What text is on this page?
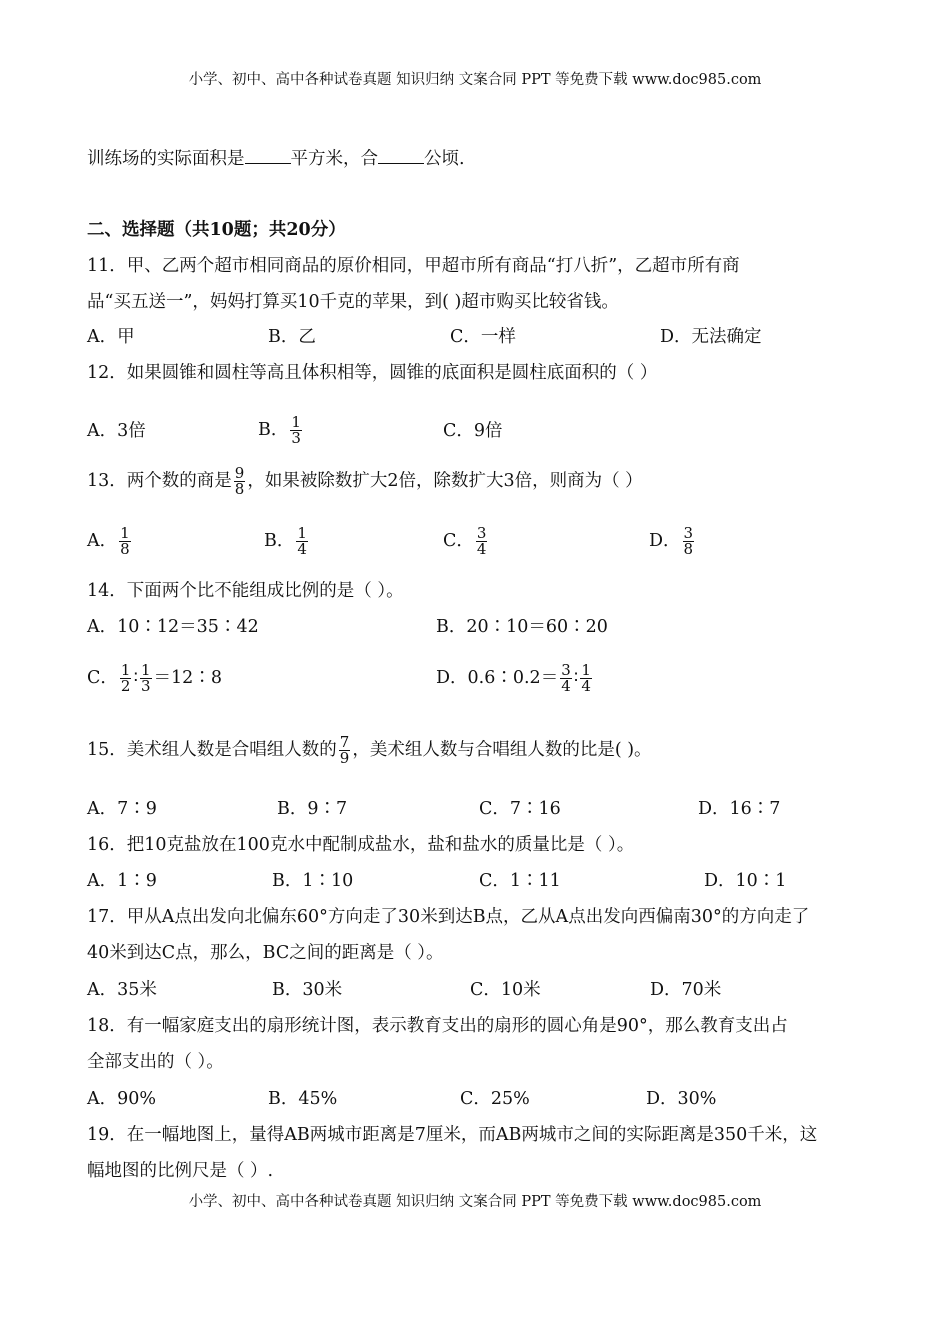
小学、初中、高中各种试卷真题 知识归纳 文案合同 PPT 等免费下载 www.doc985.com
训练场的实际面积是	平方米，合	公顷.
二、选择题（共10题；共20分）
11．甲、乙两个超市相同商品的原价相同，甲超市所有商品“打八折”，乙超市所有商
品“买五送一”，妈妈打算买10千克的苹果，到( )超市购买比较省钱。
A．甲	B．乙	C．一样	D．无法确定
12．如果圆锥和圆柱等高且体积相等，圆锥的底面积是圆柱底面积的（ ）
A．3倍	B． $\frac{1}{3}$	C．9倍
13．两个数的商是 $\frac{9}{8}$ ，如果被除数扩大2倍，除数扩大3倍，则商为（ ）
A． $\frac{1}{8}$	B． $\frac{1}{4}$	C． $\frac{3}{4}$	D． $\frac{3}{8}$
14．下面两个比不能组成比例的是（ ）。
A．10∶12＝35∶42	B．20∶10＝60∶20
C． $\frac{1}{2}$ ∶ $\frac{1}{3}$ ＝12∶8	D．0.6∶0.2＝ $\frac{3}{4}$ ∶ $\frac{1}{4}$
15．美术组人数是合唱组人数的 $\frac{7}{9}$ ，美术组人数与合唱组人数的比是( )。
A．7∶9	B．9∶7	C．7∶16	D．16∶7
16．把10克盐放在100克水中配制成盐水，盐和盐水的质量比是（ ）。
A．1∶9	B．1∶10	C．1∶11	D．10∶1
17．甲从A点出发向北偏东60°方向走了30米到达B点，乙从A点出发向西偏南30°的方向走了
40米到达C点，那么，BC之间的距离是（ ）。
A．35米	B．30米	C．10米	D．70米
18．有一幅家庭支出的扇形统计图，表示教育支出的扇形的圆心角是90°，那么教育支出占
全部支出的（ ）。
A．90%	B．45%	C．25%	D．30%
19．在一幅地图上，量得AB两城市距离是7厘米，而AB两城市之间的实际距离是350千米，这
幅地图的比例尺是（ ）.
小学、初中、高中各种试卷真题 知识归纳 文案合同 PPT 等免费下载 www.doc985.com
